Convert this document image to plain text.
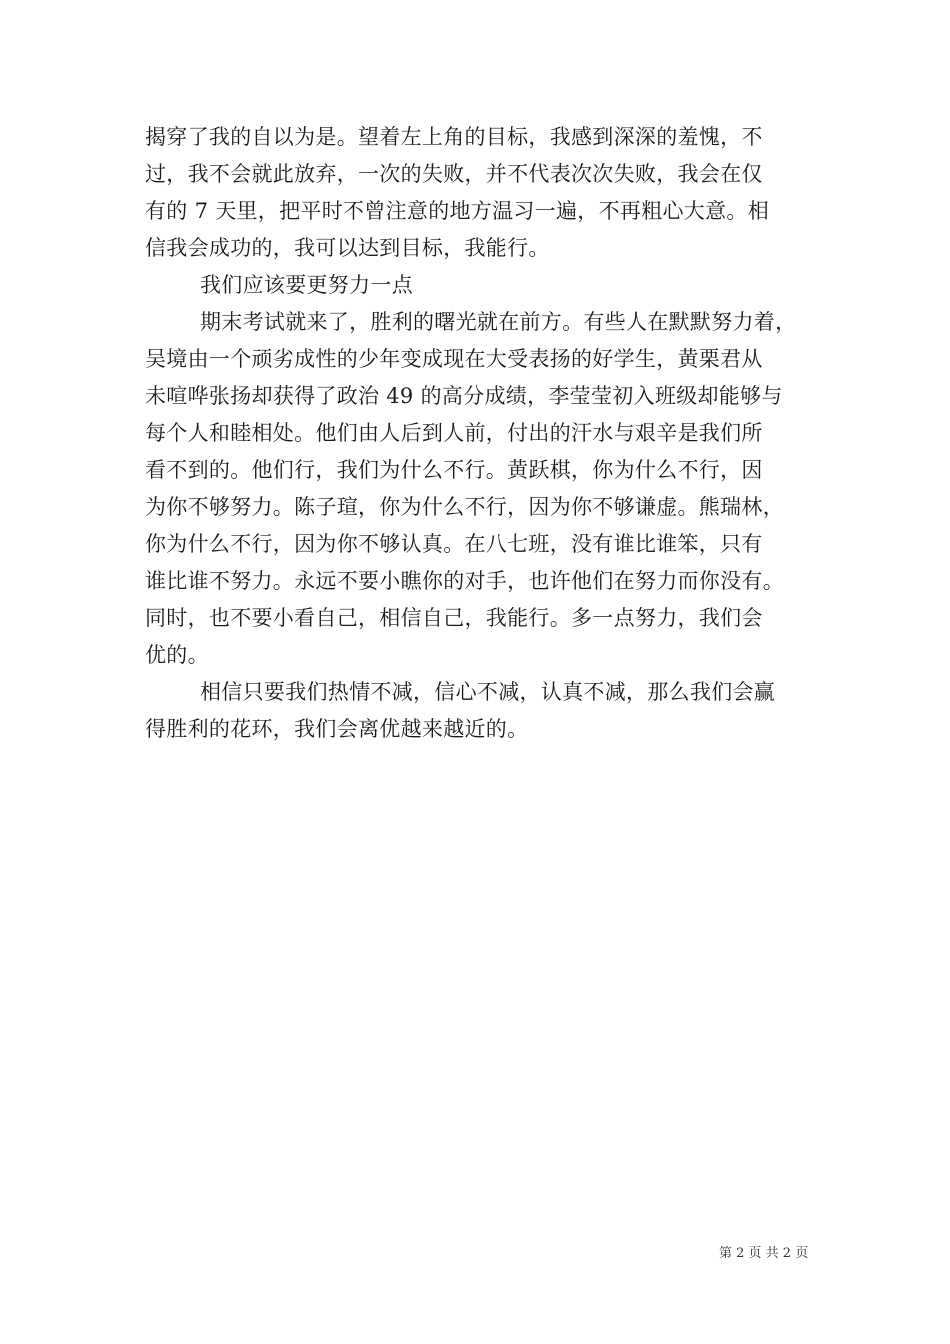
揭穿了我的自以为是。望着左上角的目标，我感到深深的羞愧，不
过，我不会就此放弃，一次的失败，并不代表次次失败，我会在仅
有的 7 天里，把平时不曾注意的地方温习一遍，不再粗心大意。相
信我会成功的，我可以达到目标，我能行。
我们应该要更努力一点
期末考试就来了，胜利的曙光就在前方。有些人在默默努力着，
吴境由一个顽劣成性的少年变成现在大受表扬的好学生，黄栗君从
未喧哗张扬却获得了政治 49 的高分成绩，李莹莹初入班级却能够与
每个人和睦相处。他们由人后到人前，付出的汗水与艰辛是我们所
看不到的。他们行，我们为什么不行。黄跃棋，你为什么不行，因
为你不够努力。陈子瑄，你为什么不行，因为你不够谦虚。熊瑞林，
你为什么不行，因为你不够认真。在八七班，没有谁比谁笨，只有
谁比谁不努力。永远不要小瞧你的对手，也许他们在努力而你没有。
同时，也不要小看自己，相信自己，我能行。多一点努力，我们会
优的。
相信只要我们热情不减，信心不减，认真不减，那么我们会赢
得胜利的花环，我们会离优越来越近的。
第 2 页 共 2 页
